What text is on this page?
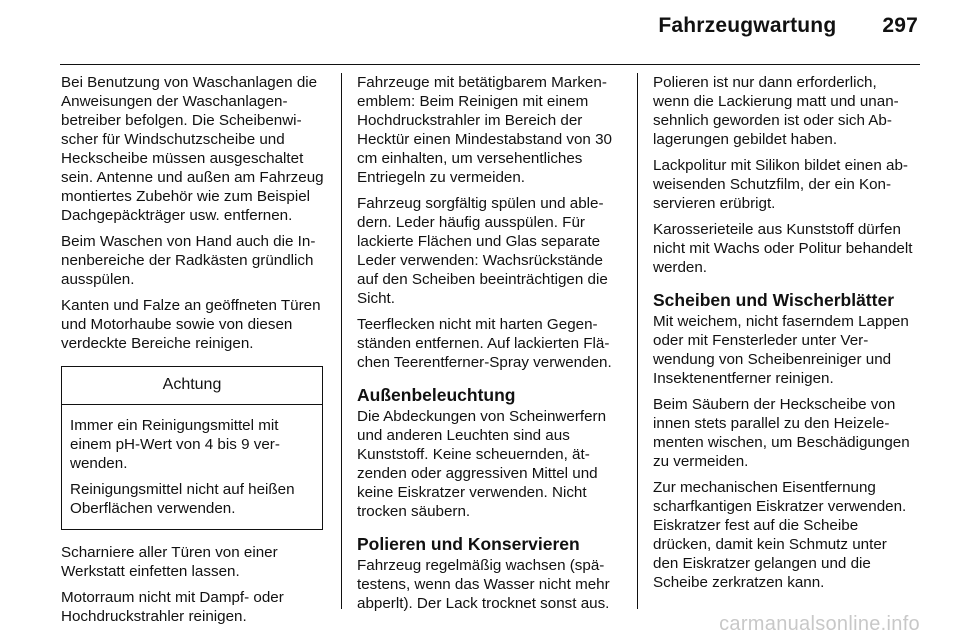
Fahrzeugwartung 297

Bei Benutzung von Waschanlagen die Anweisungen der Waschanlagenbetreiber befolgen. Die Scheibenwischer für Windschutzscheibe und Heckscheibe müssen ausgeschaltet sein. Antenne und außen am Fahrzeug montiertes Zubehör wie zum Beispiel Dachgepäckträger usw. entfernen.

Beim Waschen von Hand auch die Innenbereiche der Radkästen gründlich ausspülen.

Kanten und Falze an geöffneten Türen und Motorhaube sowie von diesen verdeckte Bereiche reinigen.

Achtung

Immer ein Reinigungsmittel mit einem pH-Wert von 4 bis 9 verwenden.

Reinigungsmittel nicht auf heißen Oberflächen verwenden.

Scharniere aller Türen von einer Werkstatt einfetten lassen.

Motorraum nicht mit Dampf- oder Hochdruckstrahler reinigen.

Fahrzeuge mit betätigbarem Markenemblem: Beim Reinigen mit einem Hochdruckstrahler im Bereich der Hecktür einen Mindestabstand von 30 cm einhalten, um versehentliches Entriegeln zu vermeiden.

Fahrzeug sorgfältig spülen und abledern. Leder häufig ausspülen. Für lackierte Flächen und Glas separate Leder verwenden: Wachsrückstände auf den Scheiben beeinträchtigen die Sicht.

Teerflecken nicht mit harten Gegenständen entfernen. Auf lackierten Flächen Teerentferner-Spray verwenden.

Außenbeleuchtung

Die Abdeckungen von Scheinwerfern und anderen Leuchten sind aus Kunststoff. Keine scheuernden, ätzenden oder aggressiven Mittel und keine Eiskratzer verwenden. Nicht trocken säubern.

Polieren und Konservieren

Fahrzeug regelmäßig wachsen (spätestens, wenn das Wasser nicht mehr abperlt). Der Lack trocknet sonst aus.

Polieren ist nur dann erforderlich, wenn die Lackierung matt und unansehnlich geworden ist oder sich Ablagerungen gebildet haben.

Lackpolitur mit Silikon bildet einen abweisenden Schutzfilm, der ein Konservieren erübrigt.

Karosserieteile aus Kunststoff dürfen nicht mit Wachs oder Politur behandelt werden.

Scheiben und Wischerblätter

Mit weichem, nicht faserndem Lappen oder mit Fensterleder unter Verwendung von Scheibenreiniger und Insektenentferner reinigen.

Beim Säubern der Heckscheibe von innen stets parallel zu den Heizelementen wischen, um Beschädigungen zu vermeiden.

Zur mechanischen Eisentfernung scharfkantigen Eiskratzer verwenden. Eiskratzer fest auf die Scheibe drücken, damit kein Schmutz unter den Eiskratzer gelangen und die Scheibe zerkratzen kann.

carmanualsonline.info
